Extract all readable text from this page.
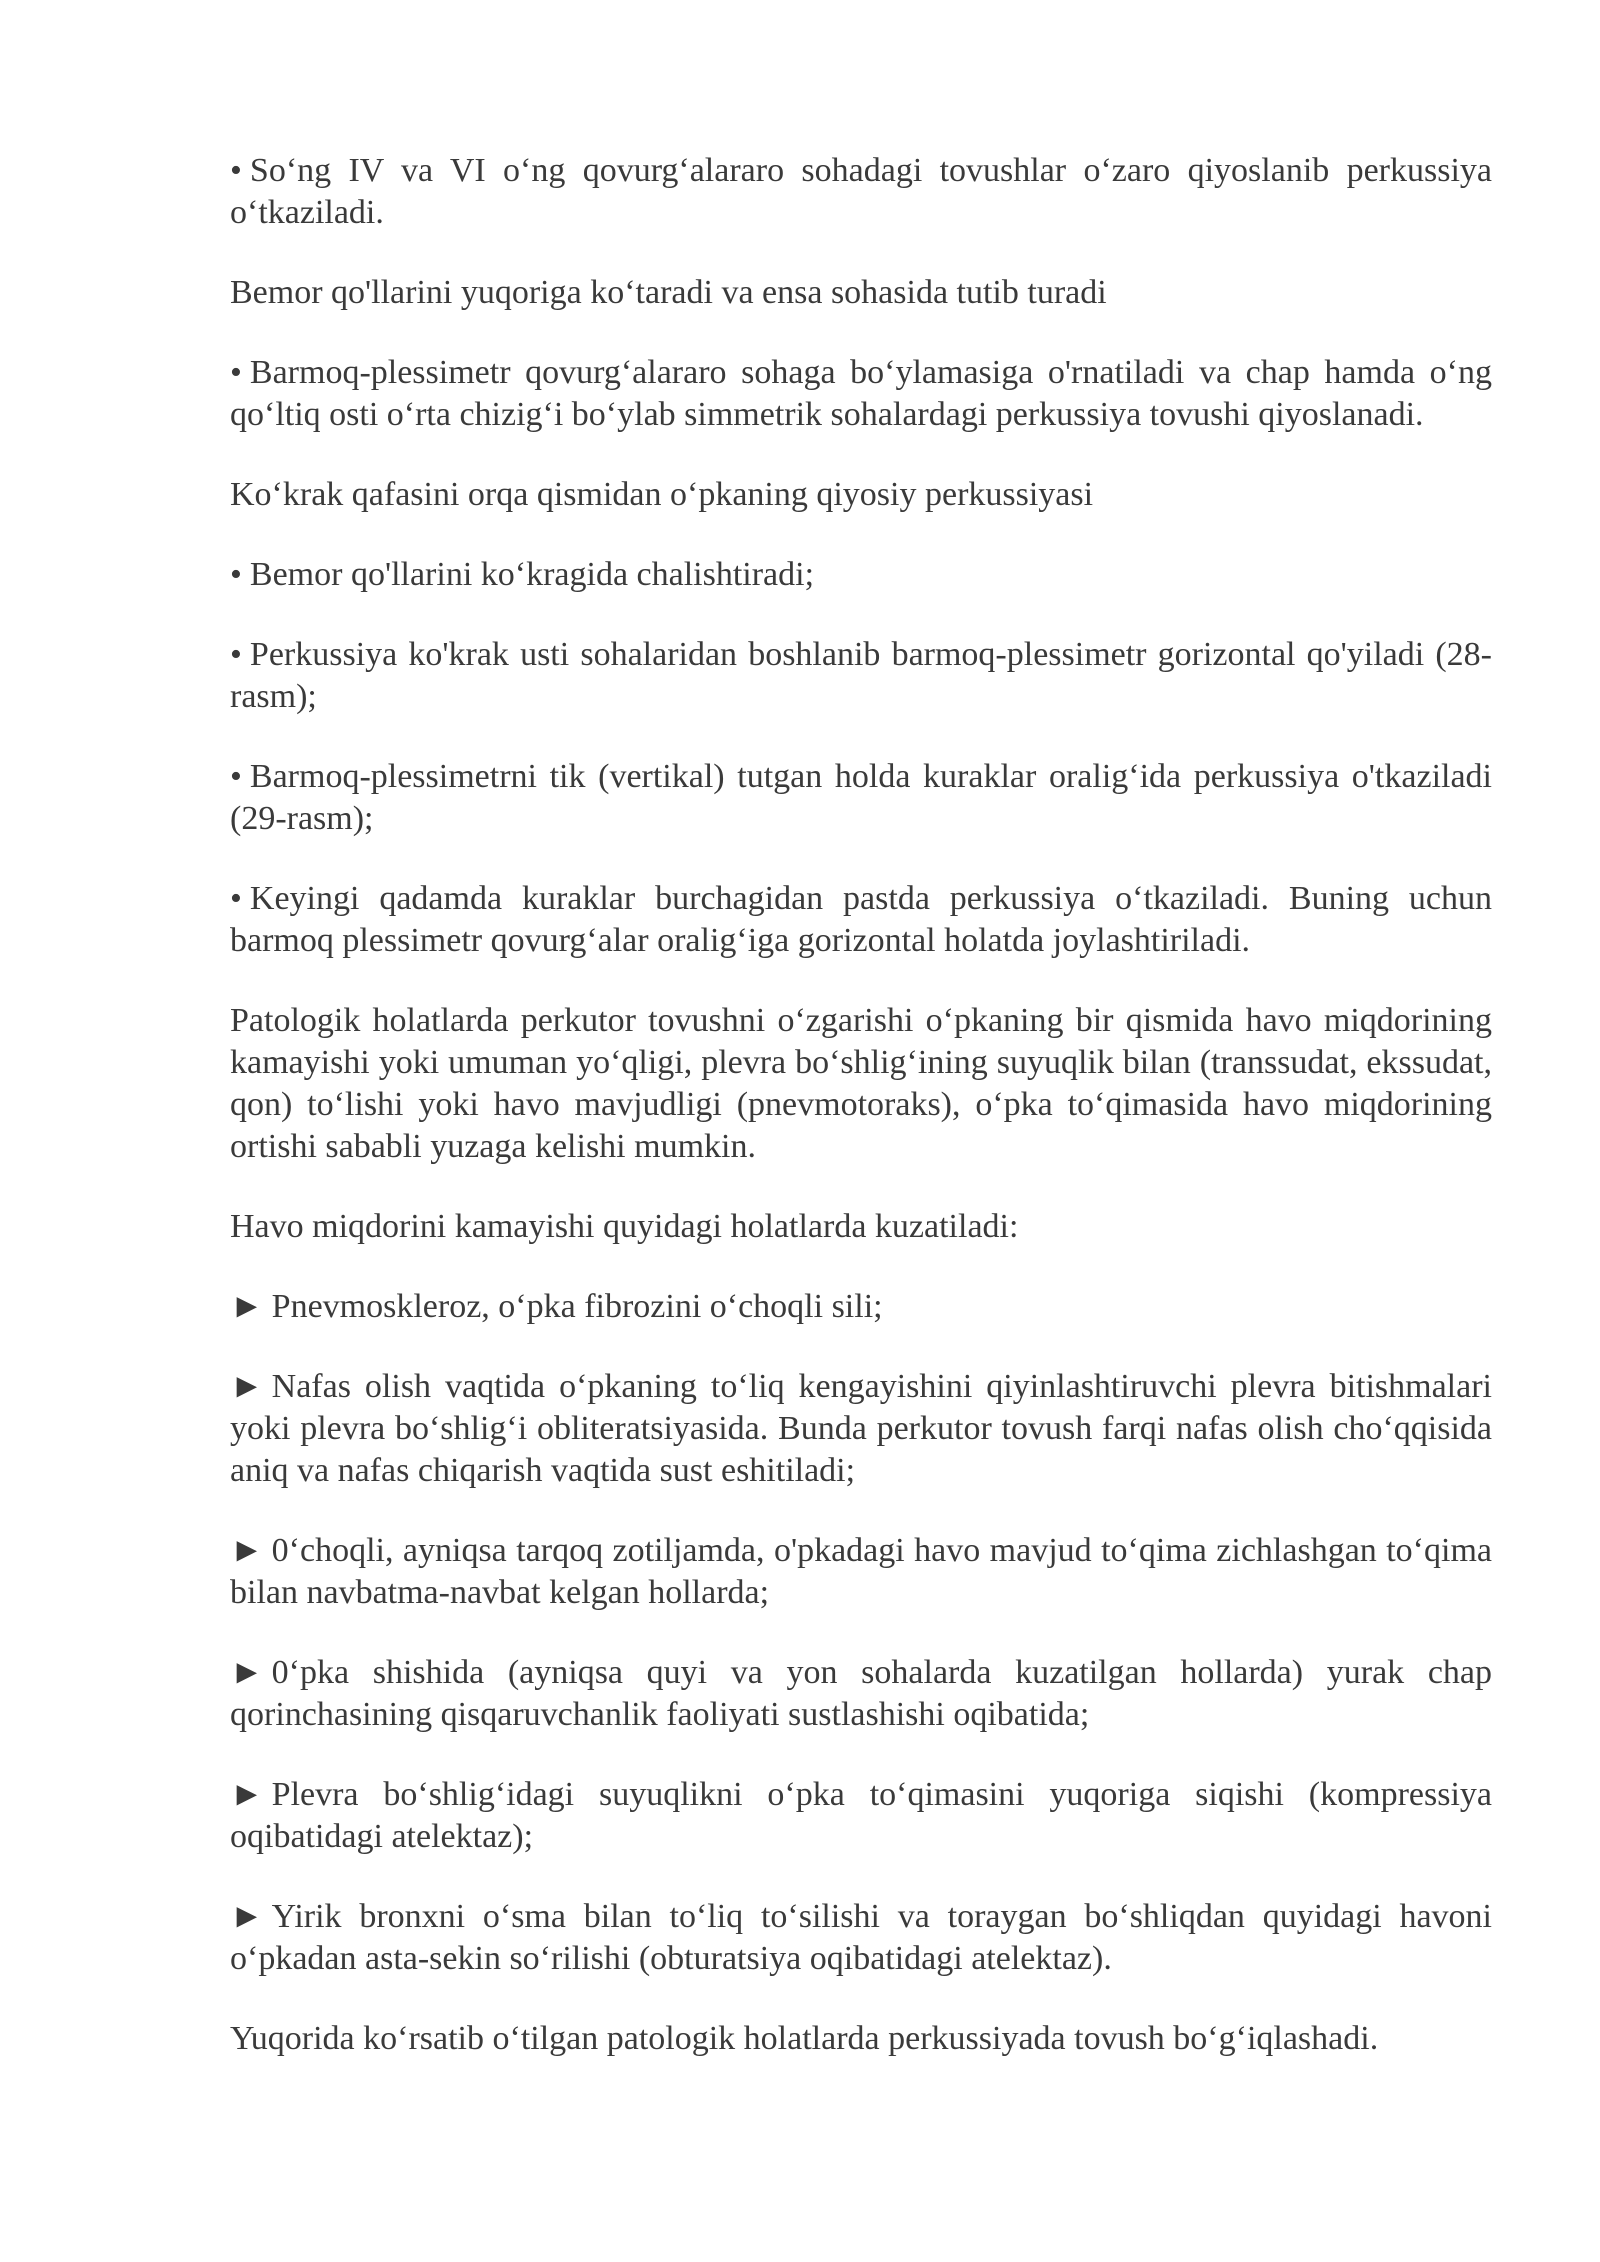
• So‘ng IV va VI o‘ng qovurg‘alararo sohadagi tovushlar o‘zaro qiyoslanib perkussiya o‘tkaziladi.

Bemor qo'llarini yuqoriga ko‘taradi va ensa sohasida tutib turadi

• Barmoq-plessimetr qovurg‘alararo sohaga bo‘ylamasiga o'rnatiladi va chap hamda o‘ng qo‘ltiq osti o‘rta chizig‘i bo‘ylab simmetrik sohalardagi perkussiya tovushi qiyoslanadi.

Ko‘krak qafasini orqa qismidan o‘pkaning qiyosiy perkussiyasi

• Bemor qo'llarini ko‘kragida chalishtiradi;

• Perkussiya ko'krak usti sohalaridan boshlanib barmoq-plessimetr gorizontal qo'yiladi (28- rasm);

• Barmoq-plessimetrni tik (vertikal) tutgan holda kuraklar oralig‘ida perkussiya o'tkaziladi (29-rasm);

• Keyingi qadamda kuraklar burchagidan pastda perkussiya o‘tkaziladi. Buning uchun barmoq plessimetr qovurg‘alar oralig‘iga gorizontal holatda joylashtiriladi.

Patologik holatlarda perkutor tovushni o‘zgarishi o‘pkaning bir qismida havo miqdorining kamayishi yoki umuman yo‘qligi, plevra bo‘shlig‘ining suyuqlik bilan (transsudat, ekssudat, qon) to‘lishi yoki havo mavjudligi (pnevmotoraks), o‘pka to‘qimasida havo miqdorining ortishi sababli yuzaga kelishi mumkin.

Havo miqdorini kamayishi quyidagi holatlarda kuzatiladi:

► Pnevmoskleroz, o‘pka fibrozini o‘choqli sili;

► Nafas olish vaqtida o‘pkaning to‘liq kengayishini qiyinlashtiruvchi plevra bitishmalari yoki plevra bo‘shlig‘i obliteratsiyasida. Bunda perkutor tovush farqi nafas olish cho‘qqisida aniq va nafas chiqarish vaqtida sust eshitiladi;

► 0‘choqli, ayniqsa tarqoq zotiljamda, o'pkadagi havo mavjud to‘qima zichlashgan to‘qima bilan navbatma-navbat kelgan hollarda;

► 0‘pka shishida (ayniqsa quyi va yon sohalarda kuzatilgan hollarda) yurak chap qorinchasining qisqaruvchanlik faoliyati sustlashishi oqibatida;

► Plevra bo‘shlig‘idagi suyuqlikni o‘pka to‘qimasini yuqoriga siqishi (kompressiya oqibatidagi atelektaz);

► Yirik bronxni o‘sma bilan to‘liq to‘silishi va toraygan bo‘shliqdan quyidagi havoni o‘pkadan asta-sekin so‘rilishi (obturatsiya oqibatidagi atelektaz).

Yuqorida ko‘rsatib o‘tilgan patologik holatlarda perkussiyada tovush bo‘g‘iqlashadi.
